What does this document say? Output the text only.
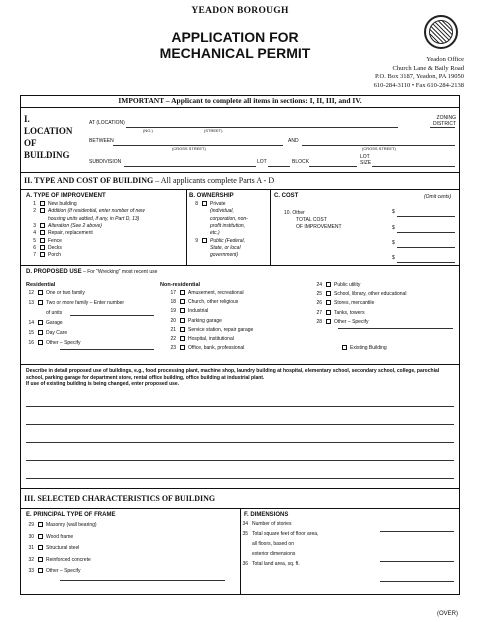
YEADON BOROUGH
APPLICATION FOR
MECHANICAL PERMIT	Yeadon Office
Church Lane & Baily Road
P.O. Box 3187, Yeadon, PA 19050
610-284-3110 • Fax 610-284-2138
IMPORTANT – Applicant to complete all items in sections: I, II, III, and IV.
I.
LOCATION
OF
BUILDING
AT (LOCATION)
(NO.)	(STREET)
ZONING
DISTRICT
BETWEEN
(CROSS STREET)
AND
(CROSS STREET)
SUBDIVISION	LOT	BLOCK
LOT
SIZE
II. TYPE AND COST OF BUILDING – All applicants complete Parts A - D
A. TYPE OF IMPROVEMENT	B. OWNERSHIP	C. COST	(Omit cents)
1 New building
2 Addition (If residential, enter number of new
housing units added, if any, in Part D, 13)
3 Alteration (See 2 above)
4 Repair, replacement
5 Fence
6 Decks
7 Porch
8 Private
(individual,
corporation, non-
profit institution,
etc.)
9 Public (Federal,
State, or local
government)
10. Other
TOTAL COST
OF IMPROVEMENT
$
$
$
$
D. PROPOSED USE – For "Wrecking" most recent use
Residential	Non-residential
12 One or two family
13 Two or more family – Enter number
of units
14 Garage
15 Day Care
16 Other – Specify
17 Amusement, recreational
18 Church, other religious
19 Industrial
20 Parking garage
21 Service station, repair garage
22 Hospital, institutional
23 Office, bank, professional
24 Public utility
25 School, library, other educational
26 Stores, mercantile
27 Tanks, towers
28 Other – Specify
Existing Building
Describe in detail proposed use of buildings, e.g., food processing plant, machine shop, laundry building at hospital, elementary school, secondary school, college, parochial school, parking garage for department store, rental office building, office building at industrial plant.
If use of existing building is being changed, enter proposed use.
III. SELECTED CHARACTERISTICS OF BUILDING
E. PRINCIPAL TYPE OF FRAME	F. DIMENSIONS
29 Masonry (wall bearing)
30 Wood frame
31 Structural steel
32 Reinforced concrete
33 Other – Specify
34 Number of stories
35 Total square feet of floor area,
all floors, based on
exterior dimensions
36 Total land area, sq. ft.
(OVER)
